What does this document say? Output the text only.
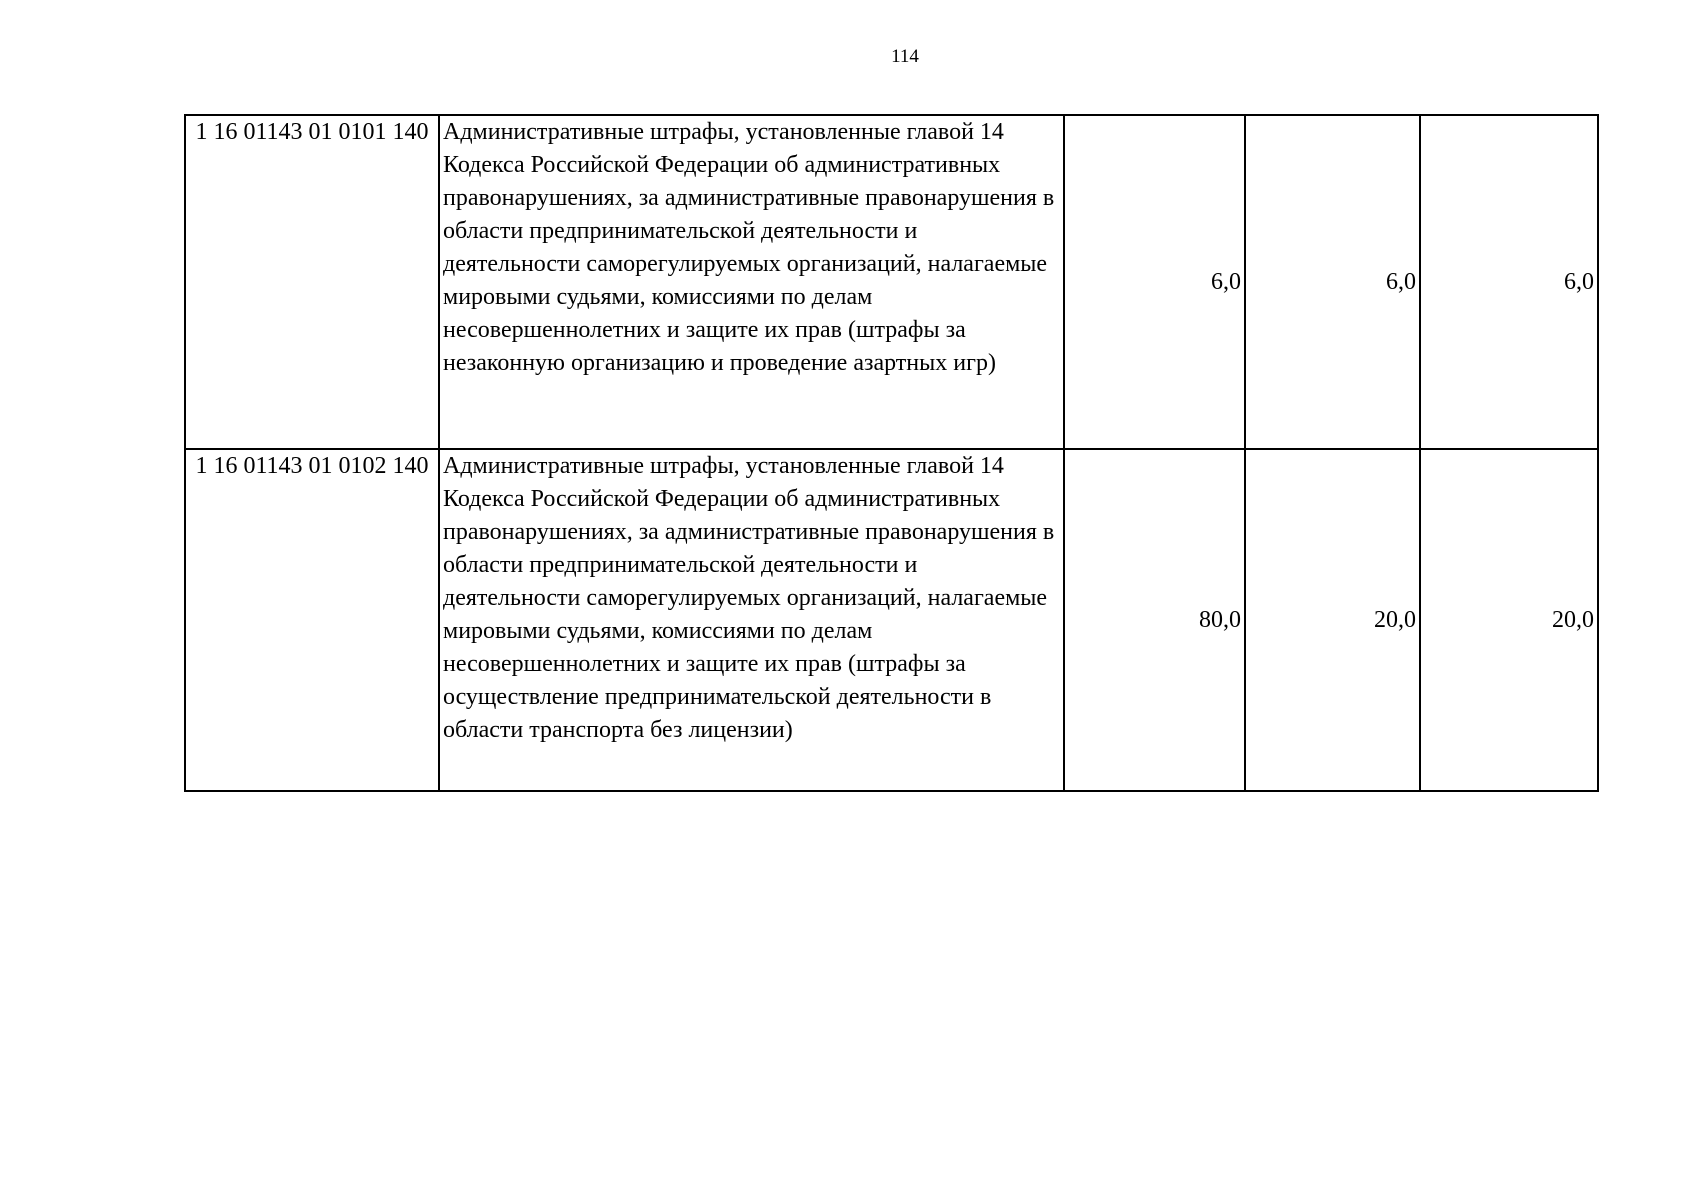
114
1 16 01143 01 0101 140	Административные штрафы, установленные главой 14 Кодекса Российской Федерации об административных правонарушениях, за административные правонарушения в области предпринимательской деятельности и деятельности саморегулируемых организаций, налагаемые мировыми судьями, комиссиями по делам несовершеннолетних и защите их прав (штрафы за незаконную организацию и проведение азартных игр)	6,0	6,0	6,0
1 16 01143 01 0102 140	Административные штрафы, установленные главой 14 Кодекса Российской Федерации об административных правонарушениях, за административные правонарушения в области предпринимательской деятельности и деятельности саморегулируемых организаций, налагаемые мировыми судьями, комиссиями по делам несовершеннолетних и защите их прав (штрафы за осуществление предпринимательской деятельности в области транспорта без лицензии)	80,0	20,0	20,0
